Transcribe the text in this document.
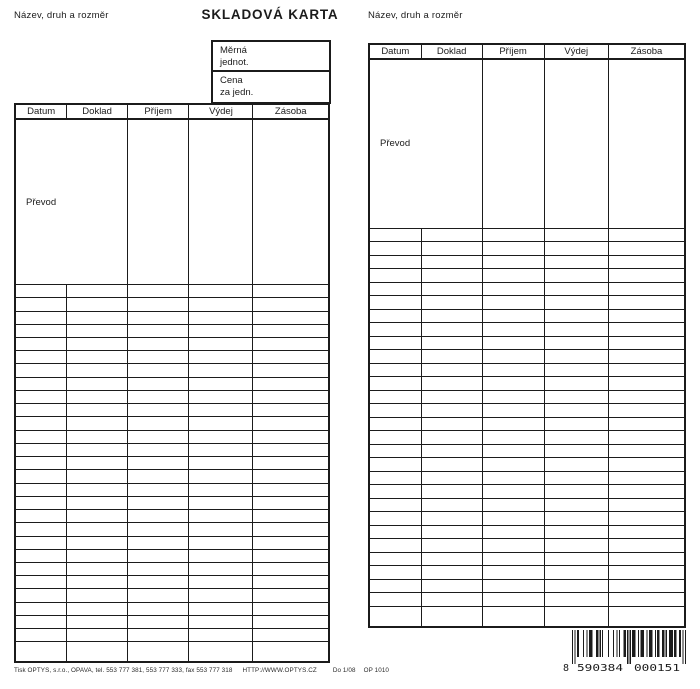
Název, druh a rozměr	SKLADOVÁ KARTA
Měrná
jednot.
Cena
za jedn.
Datum	Doklad	Příjem	Výdej	Zásoba
Převod				

Název, druh a rozměr
Datum	Doklad	Příjem	Výdej	Zásoba
Převod				

Tisk OPTYS, s.r.o., OPAVA, tel. 553 777 381, 553 777 333, fax 553 777 318 HTTP://WWW.OPTYS.CZ	Do 1/08 OP 1010	8 590384 000151
